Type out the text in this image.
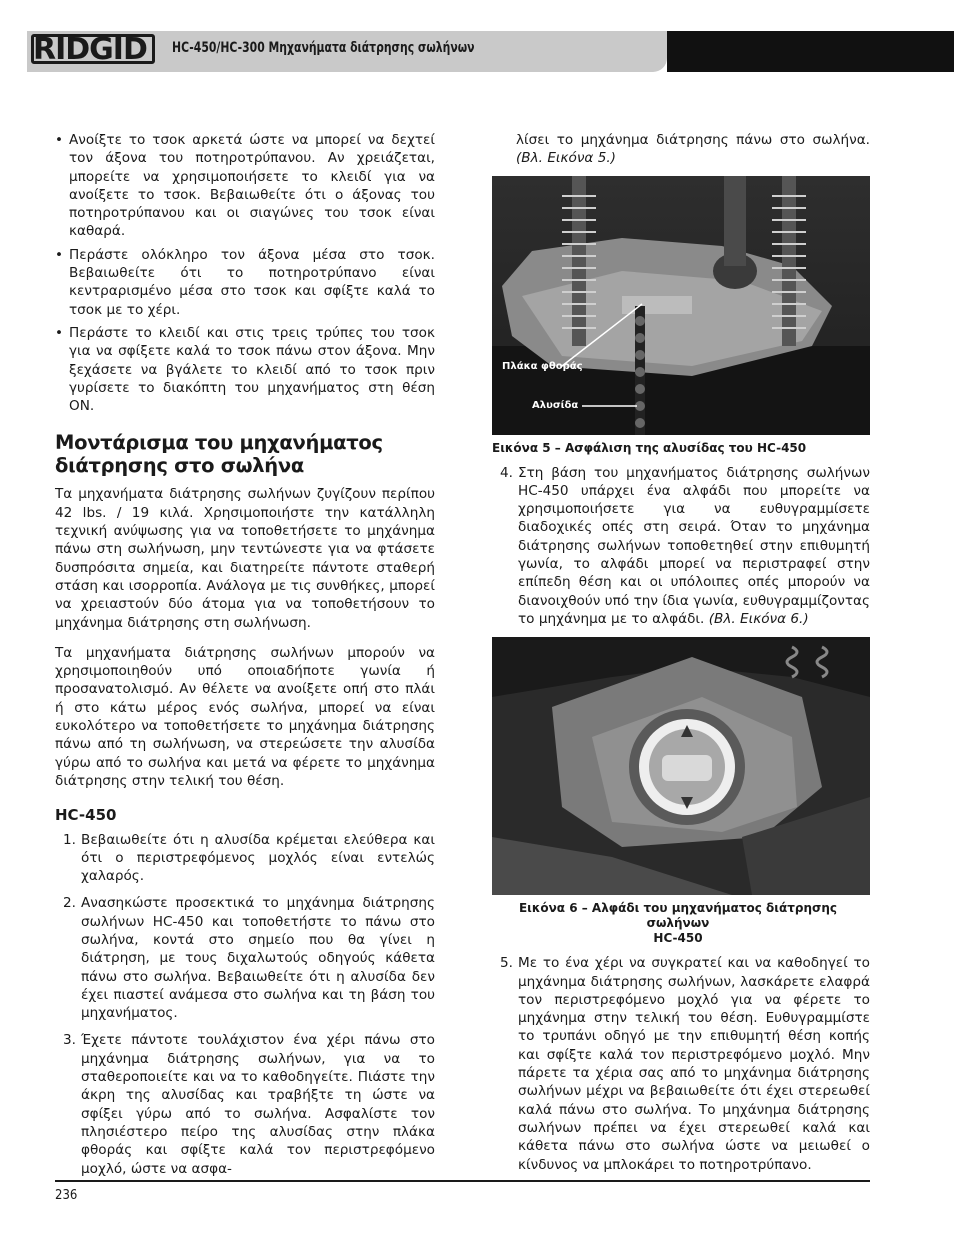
RIDGID HC-450/HC-300 Μηχανήματα διάτρησης σωλήνων
• Ανοίξτε το τσοκ αρκετά ώστε να μπορεί να δεχτεί τον άξονα του ποτηροτρύπανου. Αν χρειάζεται, μπορείτε να χρησιμοποιήσετε το κλειδί για να ανοίξετε το τσοκ. Βεβαιωθείτε ότι ο άξονας του ποτηροτρύπανου και οι σιαγώνες του τσοκ είναι καθαρά.
• Περάστε ολόκληρο τον άξονα μέσα στο τσοκ. Βεβαιωθείτε ότι το ποτηροτρύπανο είναι κεντραρισμένο μέσα στο τσοκ και σφίξτε καλά το τσοκ με το χέρι.
• Περάστε το κλειδί και στις τρεις τρύπες του τσοκ για να σφίξετε καλά το τσοκ πάνω στον άξονα. Μην ξεχάσετε να βγάλετε το κλειδί από το τσοκ πριν γυρίσετε το διακόπτη του μηχανήματος στη θέση ON.
Μοντάρισμα του μηχανήματος διάτρησης στο σωλήνα

Τα μηχανήματα διάτρησης σωλήνων ζυγίζουν περίπου 42 lbs. / 19 κιλά. Χρησιμοποιήστε την κατάλληλη τεχνική ανύψωσης για να τοποθετήσετε το μηχάνημα πάνω στη σωλήνωση, μην τεντώνεστε για να φτάσετε δυσπρόσιτα σημεία, και διατηρείτε πάντοτε σταθερή στάση και ισορροπία. Ανάλογα με τις συνθήκες, μπορεί να χρειαστούν δύο άτομα για να τοποθετήσουν το μηχάνημα διάτρησης στη σωλήνωση.

Τα μηχανήματα διάτρησης σωλήνων μπορούν να χρησιμοποιηθούν υπό οποιαδήποτε γωνία ή προσανατολισμό. Αν θέλετε να ανοίξετε οπή στο πλάι ή στο κάτω μέρος ενός σωλήνα, μπορεί να είναι ευκολότερο να τοποθετήσετε το μηχάνημα διάτρησης πάνω από τη σωλήνωση, να στερεώσετε την αλυσίδα γύρω από το σωλήνα και μετά να φέρετε το μηχάνημα διάτρησης στην τελική του θέση.

HC-450
1. Βεβαιωθείτε ότι η αλυσίδα κρέμεται ελεύθερα και ότι ο περιστρεφόμενος μοχλός είναι εντελώς χαλαρός.
2. Ανασηκώστε προσεκτικά το μηχάνημα διάτρησης σωλήνων HC-450 και τοποθετήστε το πάνω στο σωλήνα, κοντά στο σημείο που θα γίνει η διάτρηση, με τους διχαλωτούς οδηγούς κάθετα πάνω στο σωλήνα. Βεβαιωθείτε ότι η αλυσίδα δεν έχει πιαστεί ανάμεσα στο σωλήνα και τη βάση του μηχανήματος.
3. Έχετε πάντοτε τουλάχιστον ένα χέρι πάνω στο μηχάνημα διάτρησης σωλήνων, για να το σταθεροποιείτε και να το καθοδηγείτε. Πιάστε την άκρη της αλυσίδας και τραβήξτε τη ώστε να σφίξει γύρω από το σωλήνα. Ασφαλίστε τον πλησιέστερο πείρο της αλυσίδας στην πλάκα φθοράς και σφίξτε καλά τον περιστρεφόμενο μοχλό, ώστε να ασφα-

λίσει το μηχάνημα διάτρησης πάνω στο σωλήνα. (Βλ. Εικόνα 5.)

Πλάκα φθοράς
Αλυσίδα
Εικόνα 5 – Ασφάλιση της αλυσίδας του HC-450
4. Στη βάση του μηχανήματος διάτρησης σωλήνων HC-450 υπάρχει ένα αλφάδι που μπορείτε να χρησιμοποιήσετε για να ευθυγραμμίσετε διαδοχικές οπές στη σειρά. Όταν το μηχάνημα διάτρησης σωλήνων τοποθετηθεί στην επιθυμητή γωνία, το αλφάδι μπορεί να περιστραφεί στην επίπεδη θέση και οι υπόλοιπες οπές μπορούν να διανοιχθούν υπό την ίδια γωνία, ευθυγραμμίζοντας το μηχάνημα με το αλφάδι. (Βλ. Εικόνα 6.)
Εικόνα 6 – Αλφάδι του μηχανήματος διάτρησης σωλήνων
HC-450
5. Με το ένα χέρι να συγκρατεί και να καθοδηγεί το μηχάνημα διάτρησης σωλήνων, λασκάρετε ελαφρά τον περιστρεφόμενο μοχλό για να φέρετε το μηχάνημα στην τελική του θέση. Ευθυγραμμίστε το τρυπάνι οδηγό με την επιθυμητή θέση κοπής και σφίξτε καλά τον περιστρεφόμενο μοχλό. Μην πάρετε τα χέρια σας από το μηχάνημα διάτρησης σωλήνων μέχρι να βεβαιωθείτε ότι έχει στερεωθεί καλά πάνω στο σωλήνα. Το μηχάνημα διάτρησης σωλήνων πρέπει να έχει στερεωθεί καλά και κάθετα πάνω στο σωλήνα ώστε να μειωθεί ο κίνδυνος να μπλοκάρει το ποτηροτρύπανο.
236
